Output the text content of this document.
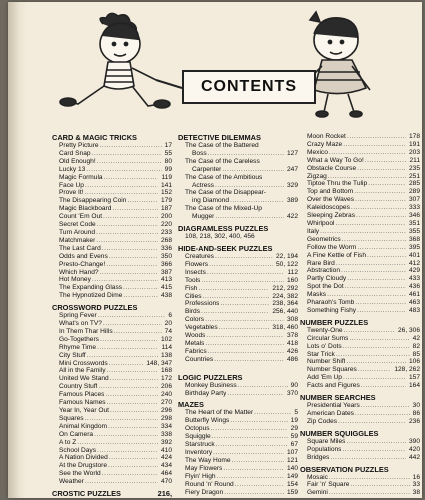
CONTENTS
CARD & MAGIC TRICKS
Pretty Picture .....	17
Card Snap .....	55
Old Enough! .....	80
Lucky 13 .....	99
Magic Formula .....	119
Face Up .....	141
Prove It! .....	152
The Disappearing Coin .....	179
Magic Blackboard .....	187
Count 'Em Out .....	200
Secret Code .....	220
Turn Around .....	233
Matchmaker .....	268
The Last Card .....	336
Odds and Evens .....	350
Presto-Change! .....	366
Which Hand? .....	387
Hot Money .....	413
The Expanding Glass .....	415
The Hypnotized Dime .....	438
CROSSWORD PUZZLES
Spring Fever .....	6
What's on TV? .....	20
In Them Thar Hills .....	74
Go-Togethers .....	102
Rhyme Time .....	114
City Stuff .....	138
Mini Crosswords .....	148, 347
All in the Family .....	168
United We Stand .....	172
Country Stuff .....	206
Famous Places .....	240
Famous Names .....	270
Year In, Year Out .....	296
Squares .....	298
Animal Kingdom .....	334
On Camera .....	338
A to Z .....	392
School Days .....	410
A Nation Divided .....	424
At the Drugstore .....	434
See the World .....	464
Weather .....	470
CROSTIC PUZZLES	216,
DETECTIVE DILEMMAS
The Case of the Battered
Boss .....	127
The Case of the Careless
Carpenter .....	247
The Case of the Ambitious
Actress .....	329
The Case of the Disappear-
ing Diamond .....	389
The Case of the Mixed-Up
Mugger .....	422
DIAGRAMLESS PUZZLES
108, 218, 302, 400, 456
HIDE-AND-SEEK PUZZLES
Creatures .....	22, 194
Flowers .....	50, 122
Insects .....	112
Tools .....	160
Fish .....	212, 292
Cities .....	224, 382
Professions .....	238, 364
Birds .....	256, 440
Colors .....	308
Vegetables .....	318, 460
Woods .....	378
Metals .....	418
Fabrics .....	426
Countries .....	486
LOGIC PUZZLERS
Monkey Business .....	90
Birthday Party .....	370
MAZES
The Heart of the Matter .....	5
Butterfly Wings .....	19
Octopus .....	29
Squiggle .....	59
Starstruck .....	67
Inventory .....	107
The Way Home .....	121
May Flowers .....	140
Flyin' High .....	149
Round 'n' Round .....	154
Fiery Dragon .....	159
Moon Rocket .....	178
Crazy Maze .....	191
Mexico .....	203
What a Way To Go! .....	211
Obstacle Course .....	235
Zigzag .....	251
Tiptoe Thru the Tulip .....	285
Top and Bottom .....	289
Over the Waves .....	307
Kaleidoscopes .....	333
Sleeping Zebras .....	346
Whirlpool .....	351
Italy .....	355
Geometrics .....	368
Follow the Worm .....	395
A Fine Kettle of Fish .....	401
Rare Bird .....	412
Abstraction .....	429
Partly Cloudy .....	433
Spot the Dot .....	436
Masks .....	461
Pharaoh's Tomb .....	463
Something Fishy .....	483
NUMBER PUZZLES
Twenty-One .....	26, 306
Circular Sums .....	42
Lots o' Dots .....	82
Star Trick .....	85
Number Shift .....	106
Number Squares .....	128, 262
Add 'Em Up .....	157
Facts and Figures .....	164
NUMBER SEARCHES
Presidential Years .....	30
American Dates .....	86
Zip Codes .....	236
NUMBER SQUIGGLES
Square Miles .....	390
Populations .....	420
Bridges .....	442
OBSERVATION PUZZLES
Mosaic .....	16
Fair 'n' Square .....	33
Gemini .....	38
